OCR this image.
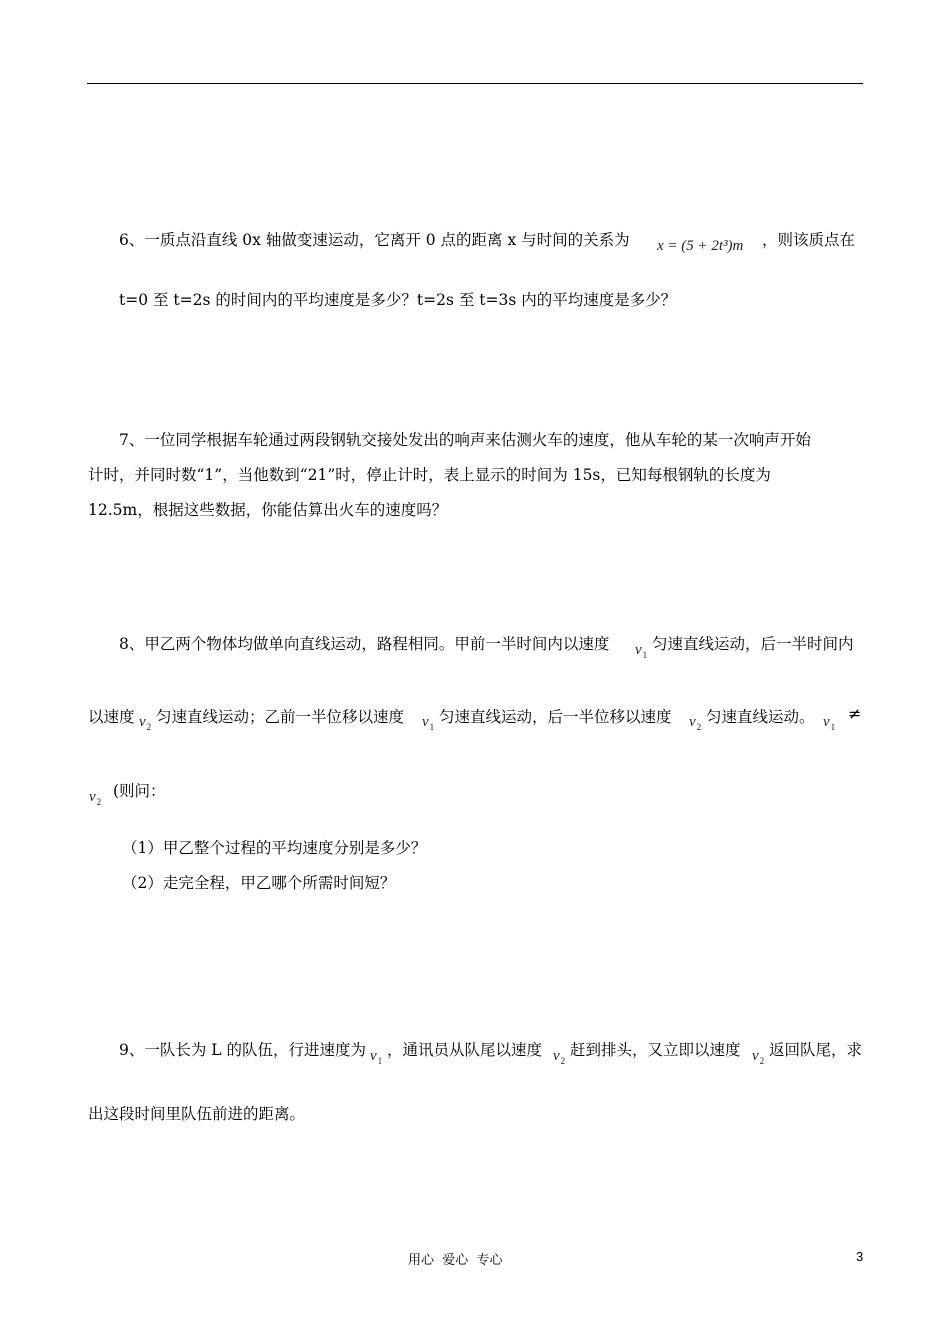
6、一质点沿直线 0x 轴做变速运动，它离开 0 点的距离 x 与时间的关系为 x = (5 + 2t³)m ，则该质点在
t=0 至 t=2s 的时间内的平均速度是多少？t=2s 至 t=3s 内的平均速度是多少？
7、一位同学根据车轮通过两段钢轨交接处发出的响声来估测火车的速度，他从车轮的某一次响声开始
计时，并同时数“1”，当他数到“21”时，停止计时，表上显示的时间为 15s，已知每根钢轨的长度为
12.5m，根据这些数据，你能估算出火车的速度吗？
8、甲乙两个物体均做单向直线运动，路程相同。甲前一半时间内以速度 $v_1$
匀速直线运动，后一半时间内
以速度 $v_2$
匀速直线运动；乙前一半位移以速度 $v_1$
匀速直线运动，后一半位移以速度 $v_2$
匀速直线运动。 $v_1$
≠
$v_2$
(则问：
（1）甲乙整个过程的平均速度分别是多少？
（2）走完全程，甲乙哪个所需时间短？
9、一队长为 L 的队伍，行进速度为 $v_1$
，通讯员从队尾以速度 $v_2$
赶到排头，又立即以速度 $v_2$
返回队尾，求
出这段时间里队伍前进的距离。
用心  爱心  专心	3
